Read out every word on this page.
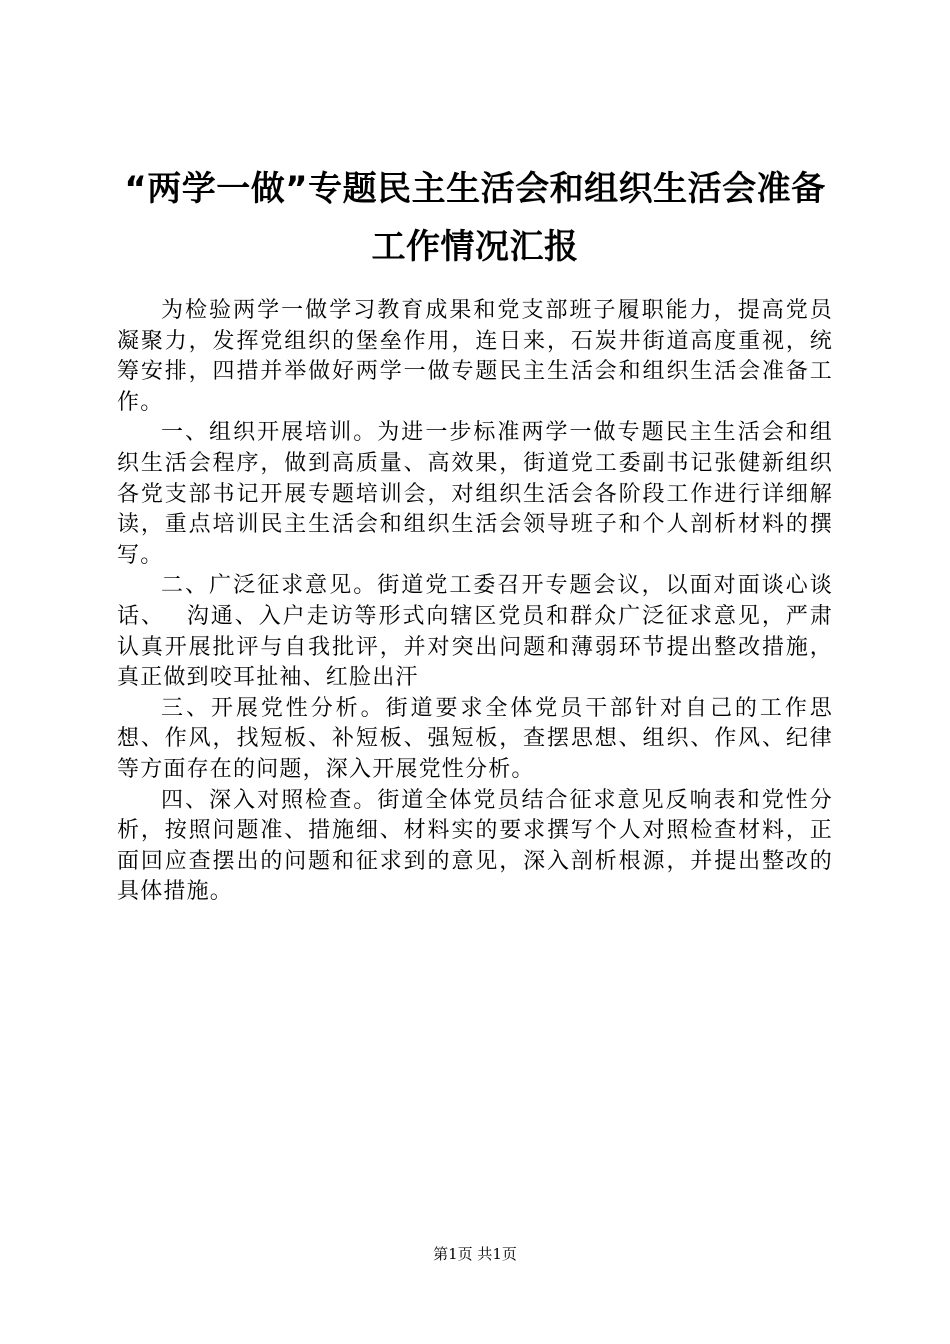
“两学一做”专题民主生活会和组织生活会准备工作情况汇报

为检验两学一做学习教育成果和党支部班子履职能力，提高党员凝聚力，发挥党组织的堡垒作用，连日来，石炭井街道高度重视，统筹安排，四措并举做好两学一做专题民主生活会和组织生活会准备工作。

一、组织开展培训。为进一步标准两学一做专题民主生活会和组织生活会程序，做到高质量、高效果，街道党工委副书记张健新组织各党支部书记开展专题培训会，对组织生活会各阶段工作进行详细解读，重点培训民主生活会和组织生活会领导班子和个人剖析材料的撰写。

二、广泛征求意见。街道党工委召开专题会议，以面对面谈心谈话、　 沟通、入户走访等形式向辖区党员和群众广泛征求意见，严肃认真开展批评与自我批评，并对突出问题和薄弱环节提出整改措施，真正做到咬耳扯袖、红脸出汗

三、开展党性分析。街道要求全体党员干部针对自己的工作思想、作风，找短板、补短板、强短板，查摆思想、组织、作风、纪律等方面存在的问题，深入开展党性分析。

四、深入对照检查。街道全体党员结合征求意见反响表和党性分析，按照问题准、措施细、材料实的要求撰写个人对照检查材料，正面回应查摆出的问题和征求到的意见，深入剖析根源，并提出整改的具体措施。

第1页 共1页
